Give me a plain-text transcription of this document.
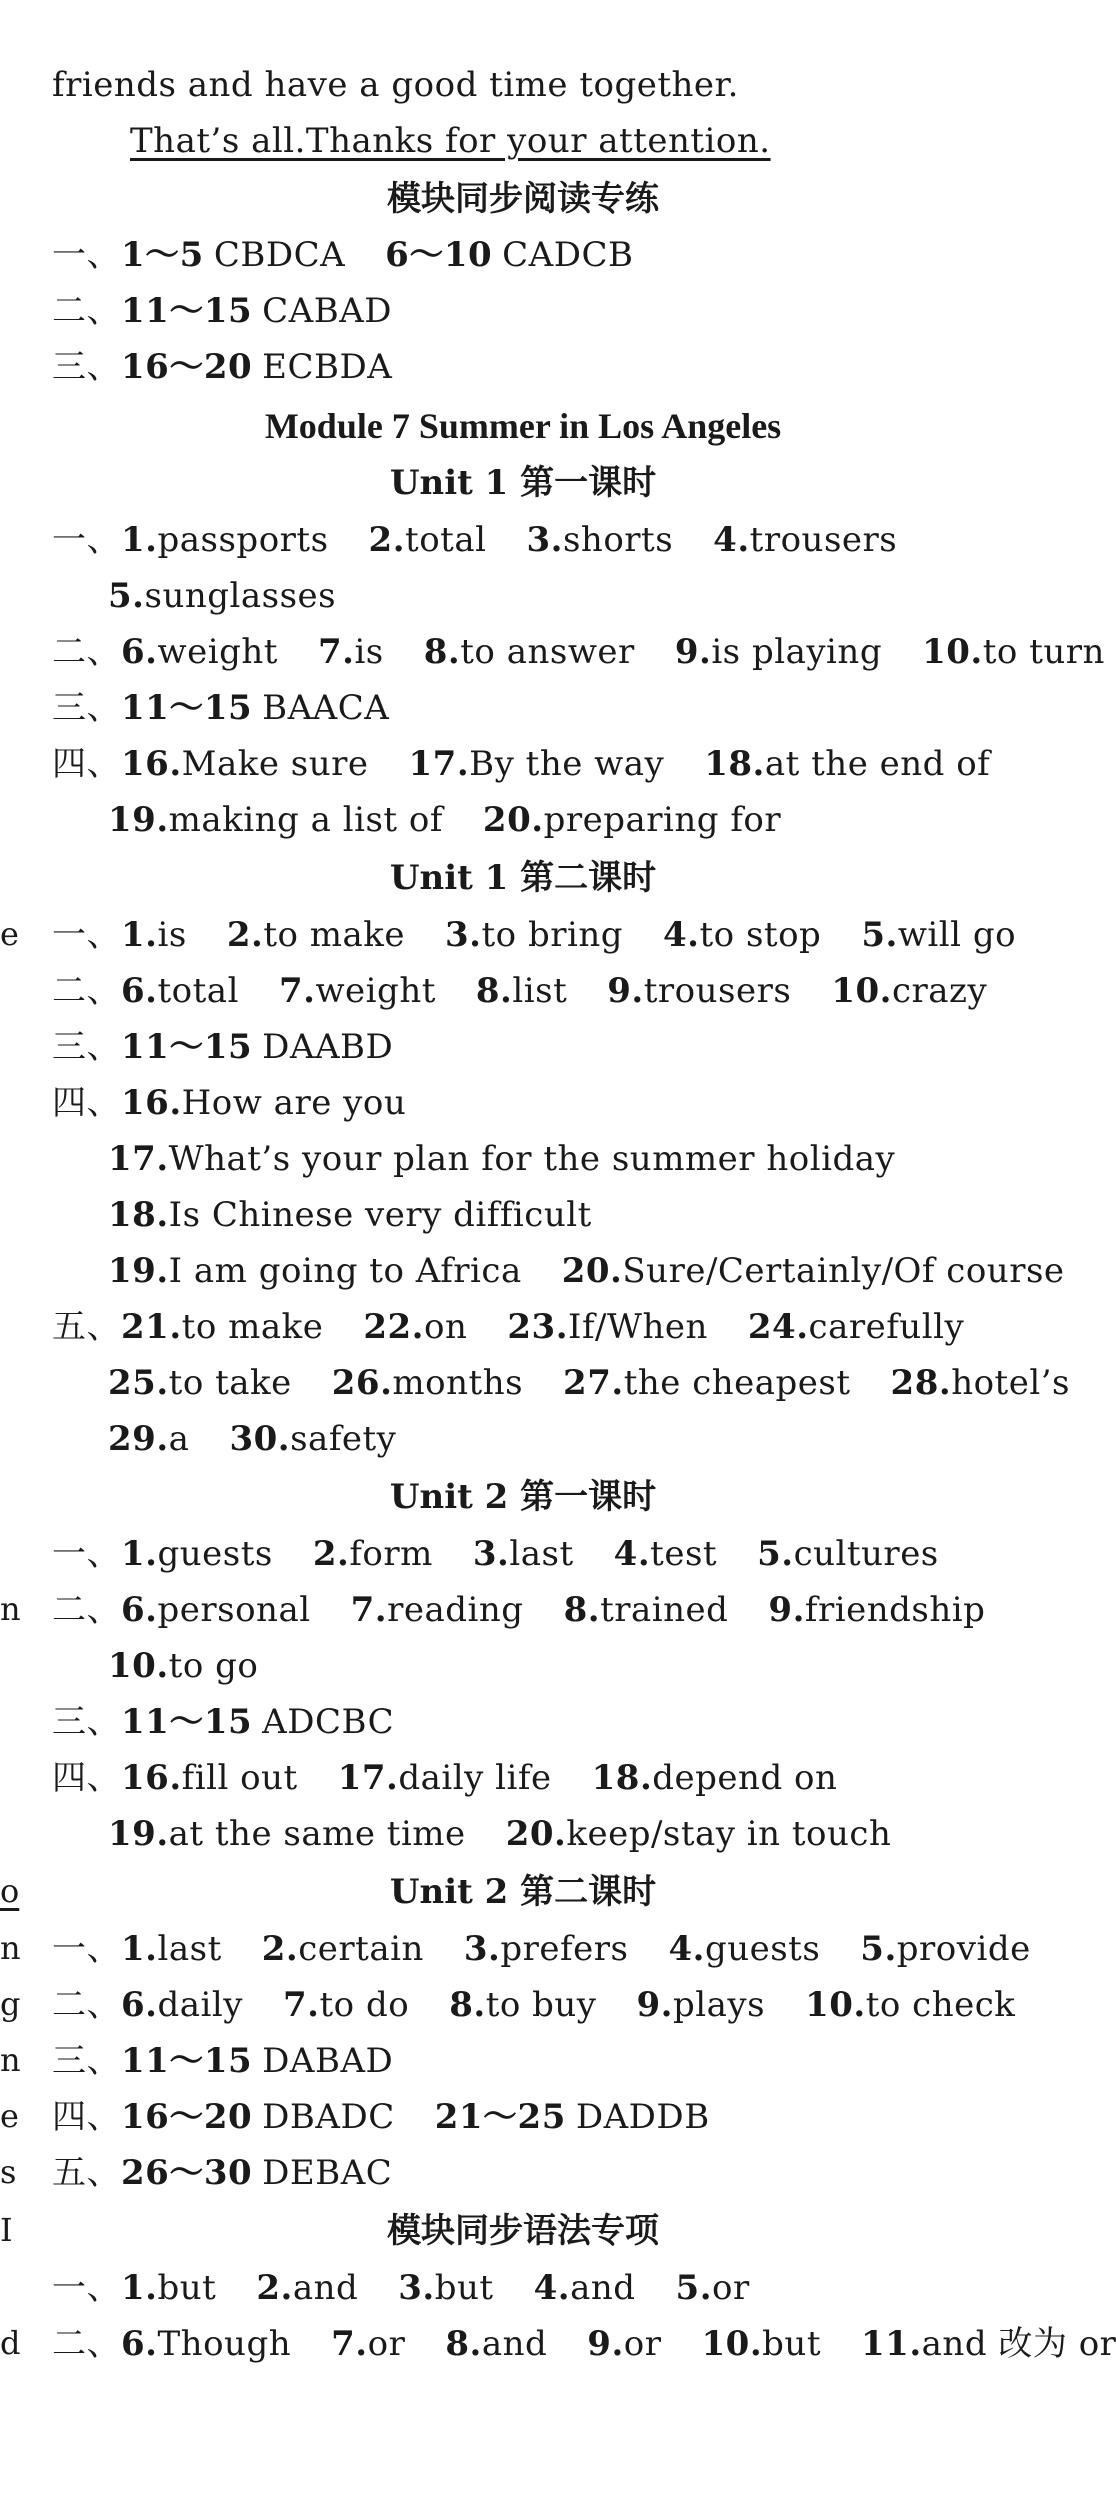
friends and have a good time together.
That’s all.Thanks for your attention.
模块同步阅读专练
一、1～5 CBDCA 6～10 CADCB
二、11～15 CABAD
三、16～20 ECBDA
Module 7 Summer in Los Angeles
Unit 1 第一课时
一、1.passports 2.total 3.shorts 4.trousers
5.sunglasses
二、6.weight 7.is 8.to answer 9.is playing 10.to turn
三、11～15 BAACA
四、16.Make sure 17.By the way 18.at the end of
19.making a list of 20.preparing for
Unit 1 第二课时
一、1.is 2.to make 3.to bring 4.to stop 5.will go
二、6.total 7.weight 8.list 9.trousers 10.crazy
三、11～15 DAABD
四、16.How are you
17.What’s your plan for the summer holiday
18.Is Chinese very difficult
19.I am going to Africa 20.Sure/Certainly/Of course
五、21.to make 22.on 23.If/When 24.carefully
25.to take 26.months 27.the cheapest 28.hotel’s
29.a 30.safety
Unit 2 第一课时
一、1.guests 2.form 3.last 4.test 5.cultures
二、6.personal 7.reading 8.trained 9.friendship
10.to go
三、11～15 ADCBC
四、16.fill out 17.daily life 18.depend on
19.at the same time 20.keep/stay in touch
Unit 2 第二课时
一、1.last 2.certain 3.prefers 4.guests 5.provide
二、6.daily 7.to do 8.to buy 9.plays 10.to check
三、11～15 DABAD
四、16～20 DBADC 21～25 DADDB
五、26～30 DEBAC
模块同步语法专项
一、1.but 2.and 3.but 4.and 5.or
二、6.Though 7.or 8.and 9.or 10.but 11.and 改为 or
e
n
o
n
g
n
e
s
I
d
